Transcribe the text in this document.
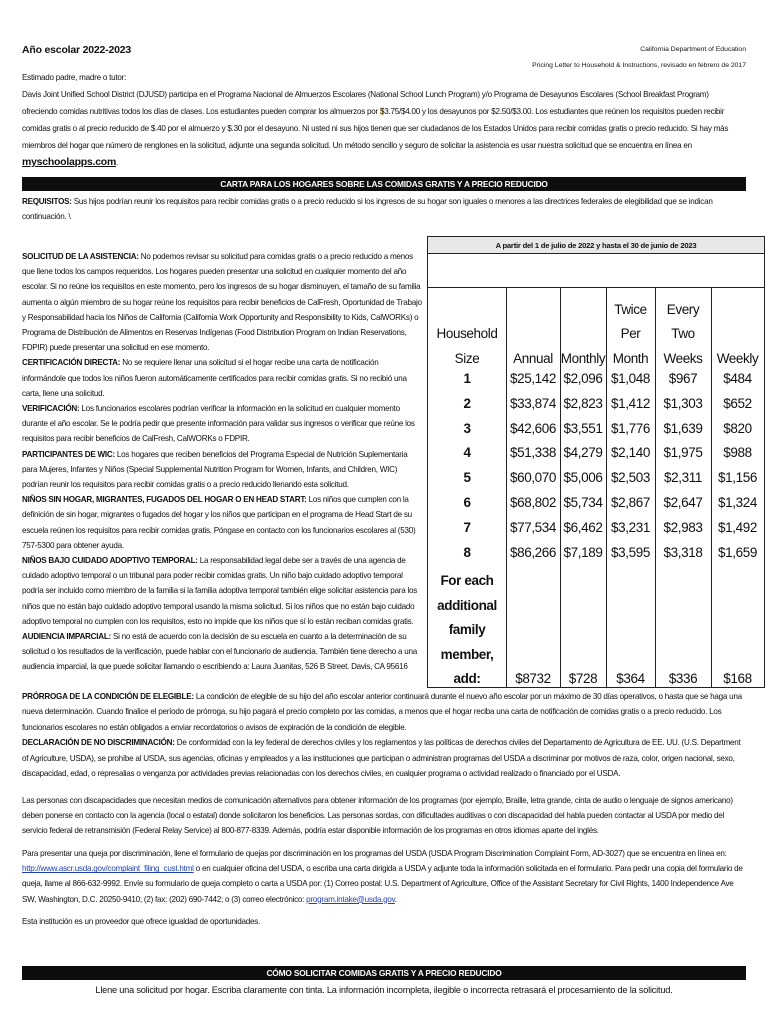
Año escolar 2022-2023	California Department of Education
Pricing Letter to Household & Instructions, revisado en febrero de 2017
Estimado padre, madre o tutor:
Davis Joint Unified School District (DJUSD) participa en el Programa Nacional de Almuerzos Escolares (National School Lunch Program) y/o Programa de Desayunos Escolares (School Breakfast Program) ofreciendo comidas nutritivas todos los días de clases. Los estudiantes pueden comprar los almuerzos por $3.75/$4.00 y los desayunos por $2.50/$3.00. Los estudiantes que reúnen los requisitos pueden recibir comidas gratis o al precio reducido de $.40 por el almuerzo y $.30 por el desayuno. Ni usted ni sus hijos tienen que ser ciudadanos de los Estados Unidos para recibir comidas gratis o precio reducido. Si hay más miembros del hogar que número de renglones en la solicitud, adjunte una segunda solicitud. Un método sencillo y seguro de solicitar la asistencia es usar nuestra solicitud que se encuentra en línea en myschoolapps.com.
CARTA PARA LOS HOGARES SOBRE LAS COMIDAS GRATIS Y A PRECIO REDUCIDO
REQUISITOS: Sus hijos podrían reunir los requisitos para recibir comidas gratis o a precio reducido si los ingresos de su hogar son iguales o menores a las directrices federales de elegibilidad que se indican continuación. \
SOLICITUD DE LA ASISTENCIA: No podemos revisar su solicitud para comidas gratis o a precio reducido a menos que llene todos los campos requeridos. Los hogares pueden presentar una solicitud en cualquier momento del año escolar. Si no reúne los requisitos en este momento, pero los ingresos de su hogar disminuyen, el tamaño de su familia aumenta o algún miembro de su hogar reúne los requisitos para recibir beneficios de CalFresh, Oportunidad de Trabajo y Responsabilidad hacia los Niños de California (California Work Opportunity and Responsibility to Kids, CalWORKs) o Programa de Distribución de Alimentos en Reservas Indígenas (Food Distribution Program on Indian Reservations, FDPIR) puede presentar una solicitud en ese momento.
CERTIFICACIÓN DIRECTA: No se requiere llenar una solicitud si el hogar recibe una carta de notificación informándole que todos los niños fueron automáticamente certificados para recibir comidas gratis. Si no recibió una carta, llene una solicitud.
VERIFICACIÓN: Los funcionarios escolares podrían verificar la información en la solicitud en cualquier momento durante el año escolar. Se le podría pedir que presente información para validar sus ingresos o verificar que reúne los requisitos para recibir beneficios de CalFresh, CalWORKs o FDPIR.
PARTICIPANTES DE WIC: Los hogares que reciben beneficios del Programa Especial de Nutrición Suplementaria para Mujeres, Infantes y Niños (Special Supplemental Nutrition Program for Women, Infants, and Children, WIC) podrían reunir los requisitos para recibir comidas gratis o a precio reducido llenando esta solicitud.
NIÑOS SIN HOGAR, MIGRANTES, FUGADOS DEL HOGAR O EN HEAD START: Los niños que cumplen con la definición de sin hogar, migrantes o fugados del hogar y los niños que participan en el programa de Head Start de su escuela reúnen los requisitos para recibir comidas gratis. Póngase en contacto con los funcionarios escolares al (530) 757-5300 para obtener ayuda.
NIÑOS BAJO CUIDADO ADOPTIVO TEMPORAL: La responsabilidad legal debe ser a través de una agencia de cuidado adoptivo temporal o un tribunal para poder recibir comidas gratis. Un niño bajo cuidado adoptivo temporal podría ser incluido como miembro de la familia si la familia adoptiva temporal también elige solicitar asistencia para los niños que no están bajo cuidado adoptivo temporal usando la misma solicitud. Si los niños que no están bajo cuidado adoptivo temporal no cumplen con los requisitos, esto no impide que los niños que sí lo están reciban comidas gratis.
AUDIENCIA IMPARCIAL: Si no está de acuerdo con la decisión de su escuela en cuanto a la determinación de su solicitud o los resultados de la verificación, puede hablar con el funcionario de audiencia. También tiene derecho a una audiencia imparcial, la que puede solicitar llamando o escribiendo a: Laura Juanitas, 526 B Street. Davis, CA 95616
A partir del 1 de julio de 2022 y hasta el 30 de junio de 2023
Household
Size	Annual Monthly
Twice
Per
Month
Every
Two
Weeks	Weekly
1	$25,142 $2,096 $1,048	$967	$484
2	$33,874 $2,823 $1,412	$1,303	$652
3	$42,606 $3,551 $1,776	$1,639	$820
4	$51,338 $4,279 $2,140	$1,975	$988
5	$60,070 $5,006 $2,503	$2,311	$1,156
6	$68,802 $5,734 $2,867	$2,647	$1,324
7	$77,534 $6,462 $3,231	$2,983	$1,492
8	$86,266 $7,189 $3,595	$3,318	$1,659
For each
additional
family
member,
add:	$8732	$728	$364	$336	$168
PRÓRROGA DE LA CONDICIÓN DE ELEGIBLE: La condición de elegible de su hijo del año escolar anterior continuará durante el nuevo año escolar por un máximo de 30 días operativos, o hasta que se haga una nueva determinación. Cuando finalice el período de prórroga, su hijo pagará el precio completo por las comidas, a menos que el hogar reciba una carta de notificación de comidas gratis o a precio reducido. Los funcionarios escolares no están obligados a enviar recordatorios o avisos de expiración de la condición de elegible.
DECLARACIÓN DE NO DISCRIMINACIÓN: De conformidad con la ley federal de derechos civiles y los reglamentos y las políticas de derechos civiles del Departamento de Agricultura de EE. UU. (U.S. Department of Agriculture, USDA), se prohíbe al USDA, sus agencias, oficinas y empleados y a las instituciones que participan o administran programas del USDA a discriminar por motivos de raza, color, origen nacional, sexo, discapacidad, edad, o represalias o venganza por actividades previas relacionadas con los derechos civiles, en cualquier programa o actividad realizado o financiado por el USDA.
Las personas con discapacidades que necesitan medios de comunicación alternativos para obtener información de los programas (por ejemplo, Braille, letra grande, cinta de audio o lenguaje de signos americano) deben ponerse en contacto con la agencia (local o estatal) donde solicitaron los beneficios. Las personas sordas, con dificultades auditivas o con discapacidad del habla pueden contactar al USDA por medio del servicio federal de retransmisión (Federal Relay Service) al 800-877-8339. Además, podría estar disponible información de los programas en otros idiomas aparte del inglés.
Para presentar una queja por discriminación, llene el formulario de quejas por discriminación en los programas del USDA (USDA Program Discrimination Complaint Form, AD-3027) que se encuentra en línea en: http://www.ascr.usda.gov/complaint_filing_cust.html o en cualquier oficina del USDA, o escriba una carta dirigida a USDA y adjunte toda la información solicitada en el formulario. Para pedir una copia del formulario de queja, llame al 866-632-9992. Envíe su formulario de queja completo o carta a USDA por: (1) Correo postal: U.S. Department of Agriculture, Office of the Assistant Secretary for Civil Rights, 1400 Independence Ave SW, Washington, D.C. 20250-9410; (2) fax: (202) 690-7442; o (3) correo electrónico: program.intake@usda.gov.
Esta institución es un proveedor que ofrece igualdad de oportunidades.
CÓMO SOLICITAR COMIDAS GRATIS Y A PRECIO REDUCIDO
Llene una solicitud por hogar. Escriba claramente con tinta. La información incompleta, ilegible o incorrecta retrasará el procesamiento de la solicitud.
